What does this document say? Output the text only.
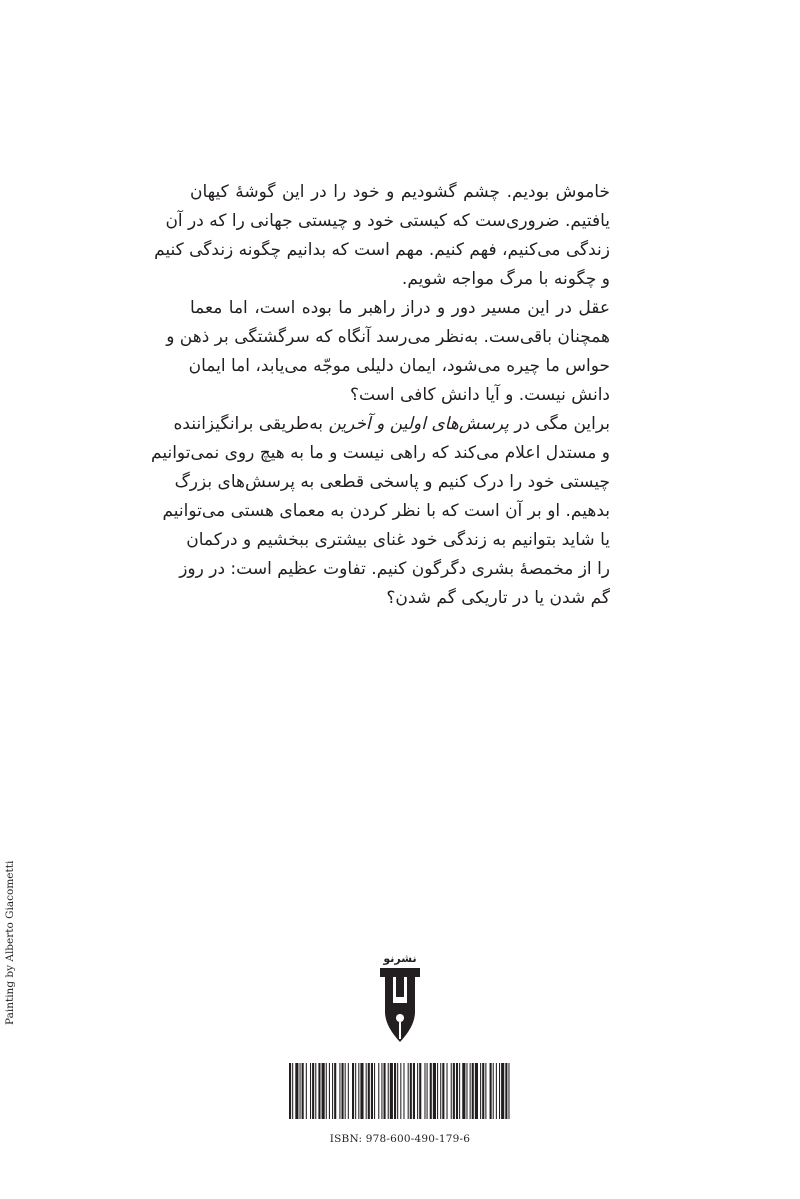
خاموش بودیم. چشم گشودیم و خود را در این گوشهٔ کیهان
یافتیم. ضروری‌ست که کیستی خود و چیستی جهانی را که در آن
زندگی می‌کنیم، فهم کنیم. مهم است که بدانیم چگونه زندگی کنیم
و چگونه با مرگ مواجه شویم.

عقل در این مسیر دور و دراز راهبر ما بوده است، اما معما
همچنان باقی‌ست. به‌نظر می‌رسد آنگاه که سرگشتگی بر ذهن و
حواس ما چیره می‌شود، ایمان دلیلی موجّه می‌یابد، اما ایمان
دانش نیست. و آیا دانش کافی است؟

براین مگی در پرسش‌های اولین و آخرین به‌طریقی برانگیزاننده
و مستدل اعلام می‌کند که راهی نیست و ما به هیچ روی نمی‌توانیم
چیستی خود را درک کنیم و پاسخی قطعی به پرسش‌های بزرگ
بدهیم. او بر آن است که با نظر کردن به معمای هستی می‌توانیم
یا شاید بتوانیم به زندگی خود غنای بیشتری ببخشیم و درکمان
را از مخمصهٔ بشری دگرگون کنیم. تفاوت عظیم است: در روز
گم شدن یا در تاریکی گم شدن؟

Painting by Alberto Giacometti	نشرنو
ISBN: 978-600-490-179-6
